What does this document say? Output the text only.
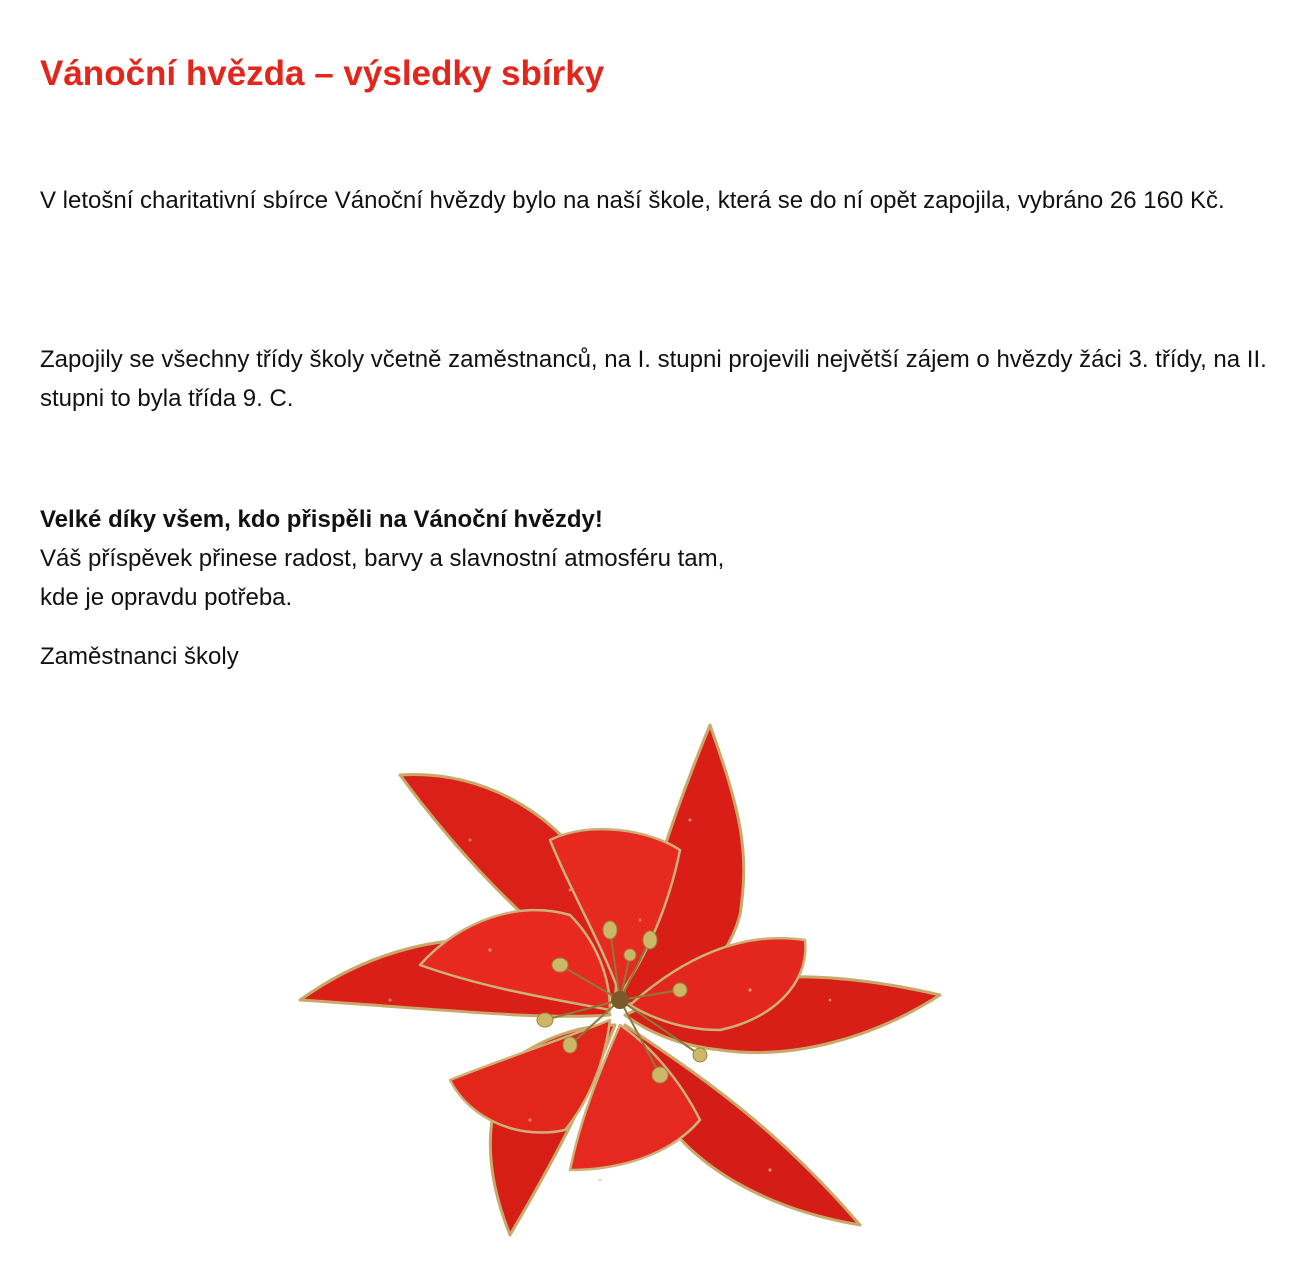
Vánoční hvězda – výsledky sbírky

V letošní charitativní sbírce Vánoční hvězdy bylo na naší škole, která se do ní opět zapojila, vybráno 26 160 Kč.

Zapojily se všechny třídy školy včetně zaměstnanců, na I. stupni projevili největší zájem o hvězdy žáci 3. třídy, na II. stupni to byla třída 9. C.

Velké díky všem, kdo přispěli na Vánoční hvězdy!
Váš příspěvek přinese radost, barvy a slavnostní atmosféru tam,
kde je opravdu potřeba.

Zaměstnanci školy
